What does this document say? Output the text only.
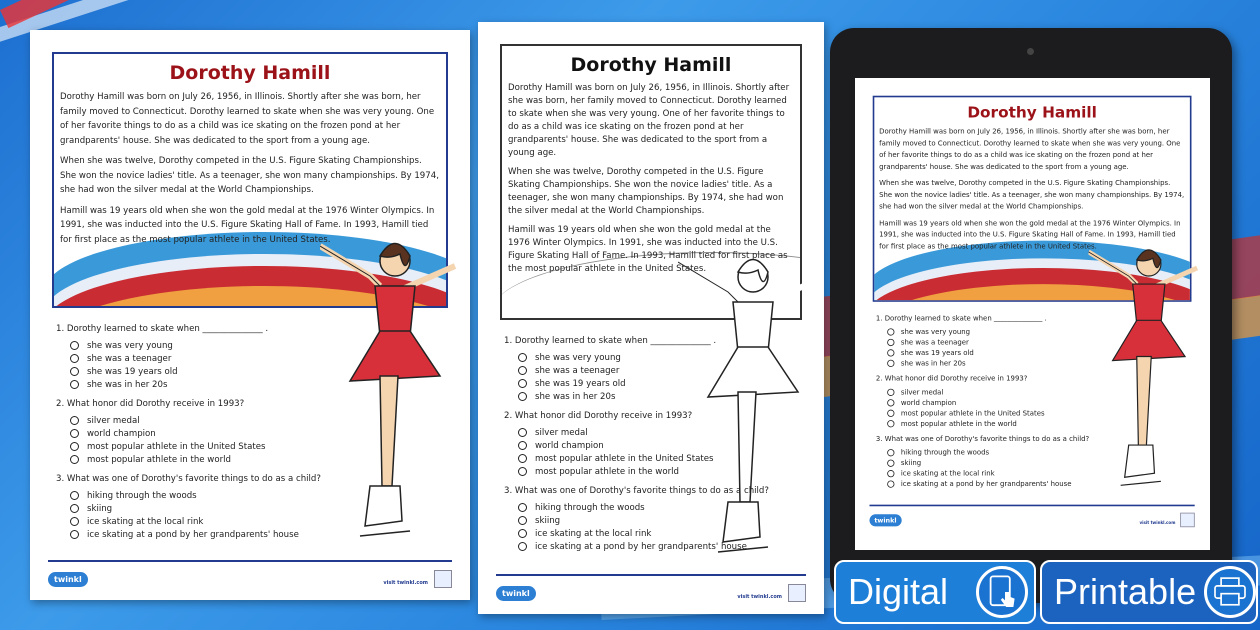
Dorothy Hamill
Dorothy Hamill was born on July 26, 1956, in Illinois. Shortly after she was born, her family moved to Connecticut. Dorothy learned to skate when she was very young. One of her favorite things to do as a child was ice skating on the frozen pond at her grandparents' house. She was dedicated to the sport from a young age.
When she was twelve, Dorothy competed in the U.S. Figure Skating Championships. She won the novice ladies' title. As a teenager, she won many championships. By 1974, she had won the silver medal at the World Championships.
Hamill was 19 years old when she won the gold medal at the 1976 Winter Olympics. In 1991, she was inducted into the U.S. Figure Skating Hall of Fame. In 1993, Hamill tied for first place as the most popular athlete in the United States.
1. Dorothy learned to skate when ______________ .
she was very young
she was a teenager
she was 19 years old
she was in her 20s
2. What honor did Dorothy receive in 1993?
silver medal
world champion
most popular athlete in the United States
most popular athlete in the world
3. What was one of Dorothy's favorite things to do as a child?
hiking through the woods
skiing
ice skating at the local rink
ice skating at a pond by her grandparents' house
twinkl	visit twinkl.com
Dorothy Hamill
Dorothy Hamill was born on July 26, 1956, in Illinois. Shortly after she was born, her family moved to Connecticut. Dorothy learned to skate when she was very young. One of her favorite things to do as a child was ice skating on the frozen pond at her grandparents' house. She was dedicated to the sport from a young age.
When she was twelve, Dorothy competed in the U.S. Figure Skating Championships. She won the novice ladies' title. As a teenager, she won many championships. By 1974, she had won the silver medal at the World Championships.
Hamill was 19 years old when she won the gold medal at the 1976 Winter Olympics. In 1991, she was inducted into the U.S. Figure Skating Hall of Fame. In 1993, Hamill tied for first place as the most popular athlete in the United States.
1. Dorothy learned to skate when ______________ .
she was very young
she was a teenager
she was 19 years old
she was in her 20s
2. What honor did Dorothy receive in 1993?
silver medal
world champion
most popular athlete in the United States
most popular athlete in the world
3. What was one of Dorothy's favorite things to do as a child?
hiking through the woods
skiing
ice skating at the local rink
ice skating at a pond by her grandparents' house
twinkl	visit twinkl.com
Dorothy Hamill
Dorothy Hamill was born on July 26, 1956, in Illinois. Shortly after she was born, her family moved to Connecticut. Dorothy learned to skate when she was very young. One of her favorite things to do as a child was ice skating on the frozen pond at her grandparents' house. She was dedicated to the sport from a young age.
When she was twelve, Dorothy competed in the U.S. Figure Skating Championships. She won the novice ladies' title. As a teenager, she won many championships. By 1974, she had won the silver medal at the World Championships.
Hamill was 19 years old when she won the gold medal at the 1976 Winter Olympics. In 1991, she was inducted into the U.S. Figure Skating Hall of Fame. In 1993, Hamill tied for first place as the most popular athlete in the United States.
1. Dorothy learned to skate when ______________ .
she was very young
she was a teenager
she was 19 years old
she was in her 20s
2. What honor did Dorothy receive in 1993?
silver medal
world champion
most popular athlete in the United States
most popular athlete in the world
3. What was one of Dorothy's favorite things to do as a child?
hiking through the woods
skiing
ice skating at the local rink
ice skating at a pond by her grandparents' house
twinkl	visit twinkl.com
Digital	Printable
